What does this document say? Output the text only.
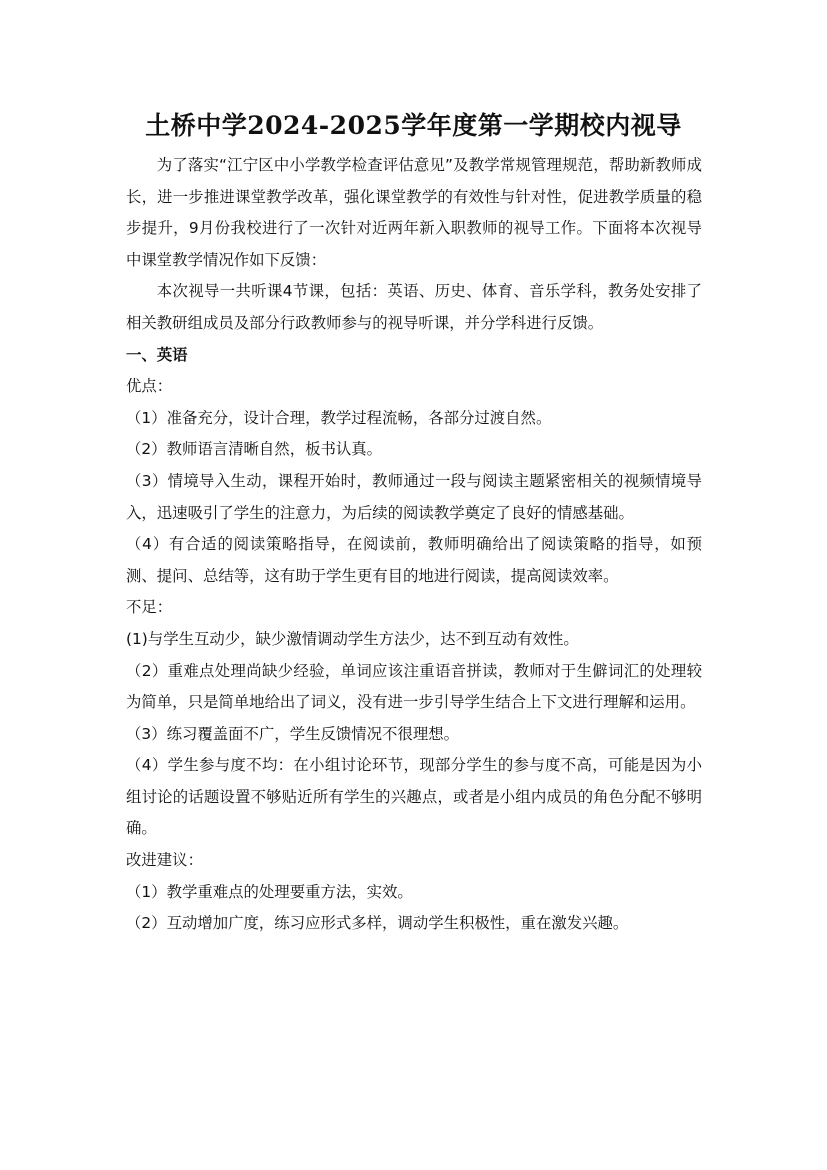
土桥中学2024-2025学年度第一学期校内视导

为了落实“江宁区中小学教学检查评估意见”及教学常规管理规范，帮助新教师成长，进一步推进课堂教学改革，强化课堂教学的有效性与针对性，促进教学质量的稳步提升，9月份我校进行了一次针对近两年新入职教师的视导工作。下面将本次视导中课堂教学情况作如下反馈：

本次视导一共听课4节课，包括：英语、历史、体育、音乐学科，教务处安排了相关教研组成员及部分行政教师参与的视导听课，并分学科进行反馈。

一、英语

优点：

（1）准备充分，设计合理，教学过程流畅，各部分过渡自然。

（2）教师语言清晰自然，板书认真。

（3）情境导入生动，课程开始时，教师通过一段与阅读主题紧密相关的视频情境导入，迅速吸引了学生的注意力，为后续的阅读教学奠定了良好的情感基础。

（4）有合适的阅读策略指导，在阅读前，教师明确给出了阅读策略的指导，如预测、提问、总结等，这有助于学生更有目的地进行阅读，提高阅读效率。

不足：

(1)与学生互动少，缺少激情调动学生方法少，达不到互动有效性。

（2）重难点处理尚缺少经验，单词应该注重语音拼读，教师对于生僻词汇的处理较为简单，只是简单地给出了词义，没有进一步引导学生结合上下文进行理解和运用。

（3）练习覆盖面不广，学生反馈情况不很理想。

（4）学生参与度不均：在小组讨论环节，现部分学生的参与度不高，可能是因为小组讨论的话题设置不够贴近所有学生的兴趣点，或者是小组内成员的角色分配不够明确。

改进建议：

（1）教学重难点的处理要重方法，实效。

（2）互动增加广度，练习应形式多样，调动学生积极性，重在激发兴趣。
